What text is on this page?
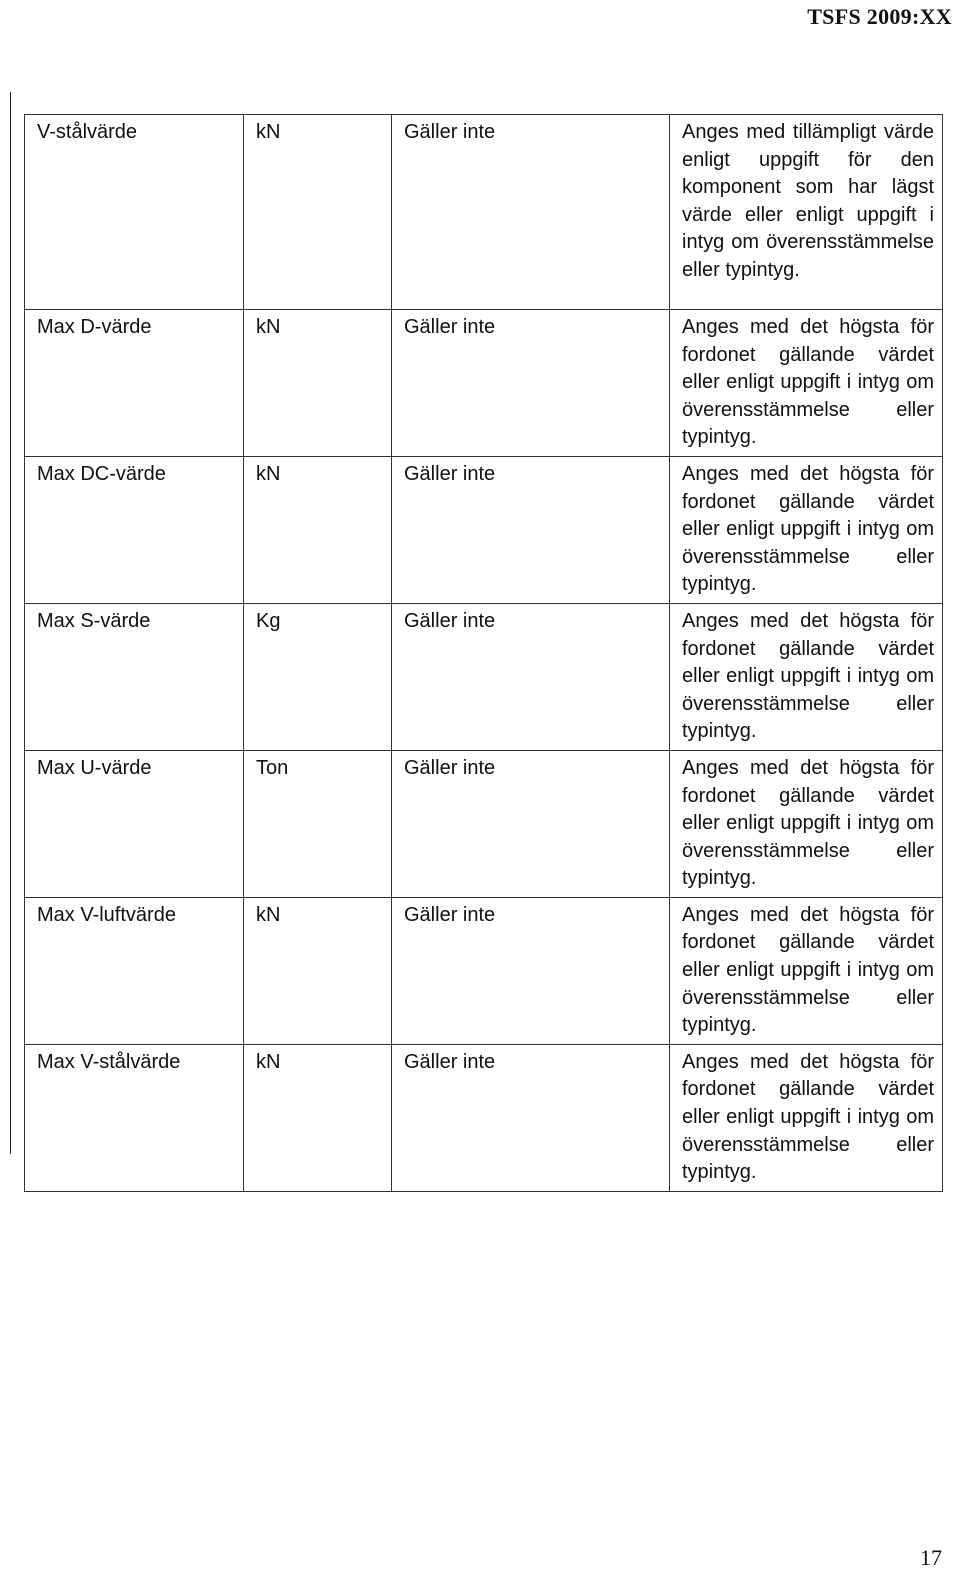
TSFS 2009:XX
V-stålvärde	kN	Gäller inte	Anges med tillämpligt värde enligt uppgift för den komponent som har lägst värde eller enligt uppgift i intyg om överensstämmelse eller typintyg.
Max D-värde	kN	Gäller inte	Anges med det högsta för fordonet gällande värdet eller enligt uppgift i intyg om överensstämmelse eller typintyg.
Max DC-värde	kN	Gäller inte	Anges med det högsta för fordonet gällande värdet eller enligt uppgift i intyg om överensstämmelse eller typintyg.
Max S-värde	Kg	Gäller inte	Anges med det högsta för fordonet gällande värdet eller enligt uppgift i intyg om överensstämmelse eller typintyg.
Max U-värde	Ton	Gäller inte	Anges med det högsta för fordonet gällande värdet eller enligt uppgift i intyg om överensstämmelse eller typintyg.
Max V-luftvärde	kN	Gäller inte	Anges med det högsta för fordonet gällande värdet eller enligt uppgift i intyg om överensstämmelse eller typintyg.
Max V-stålvärde	kN	Gäller inte	Anges med det högsta för fordonet gällande värdet eller enligt uppgift i intyg om överensstämmelse eller typintyg.
17
